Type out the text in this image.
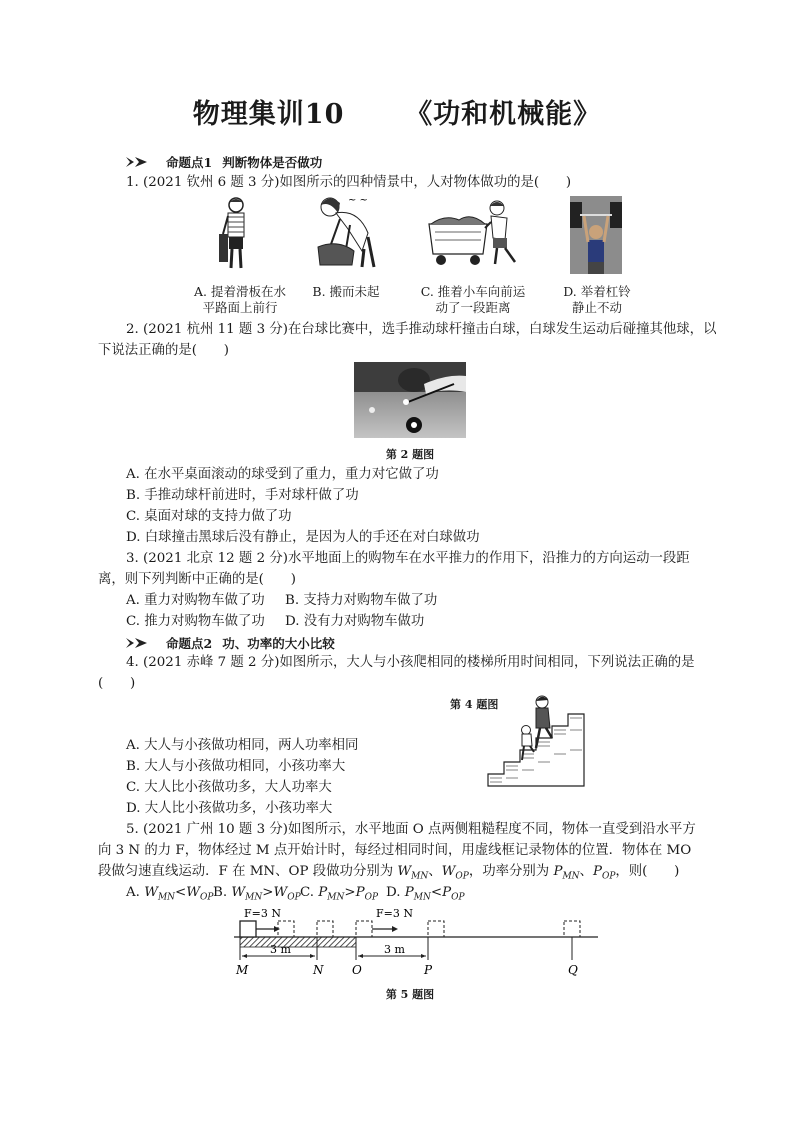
物理集训10 《功和机械能》
命题点1 判断物体是否做功
1. (2021 钦州 6 题 3 分)如图所示的四种情景中，人对物体做功的是(　　)
~ ~
A. 提着滑板在水
平路面上前行
B. 搬而未起	C. 推着小车向前运
动了一段距离
D. 举着杠铃
静止不动
2. (2021 杭州 11 题 3 分)在台球比赛中，选手推动球杆撞击白球，白球发生运动后碰撞其他球，以
下说法正确的是(　　)
第 2 题图
A. 在水平桌面滚动的球受到了重力，重力对它做了功
B. 手推动球杆前进时，手对球杆做了功
C. 桌面对球的支持力做了功
D. 白球撞击黑球后没有静止，是因为人的手还在对白球做功
3. (2021 北京 12 题 2 分)水平地面上的购物车在水平推力的作用下，沿推力的方向运动一段距
离，则下列判断中正确的是(　　)
A. 重力对购物车做了功 B. 支持力对购物车做了功
C. 推力对购物车做了功 D. 没有力对购物车做功
命题点2 功、功率的大小比较
4. (2021 赤峰 7 题 2 分)如图所示，大人与小孩爬相同的楼梯所用时间相同，下列说法正确的是
(　　)
第 4 题图
A. 大人与小孩做功相同，两人功率相同
B. 大人与小孩做功相同，小孩功率大
C. 大人比小孩做功多，大人功率大
D. 大人比小孩做功多，小孩功率大
5. (2021 广州 10 题 3 分)如图所示，水平地面 O 点两侧粗糙程度不同，物体一直受到沿水平方
向 3 N 的力 F，物体经过 M 点开始计时，每经过相同时间，用虚线框记录物体的位置．物体在 MO
段做匀速直线运动．F 在 MN、OP 段做功分别为 $W_{MN}$、$W_{OP}$，功率分别为 $P_{MN}$、$P_{OP}$，则(　　)
A. $W_{MN}<W_{OP}$ B. $W_{MN}>W_{OP}$ C. $P_{MN}>P_{OP}$ D. $P_{MN}<P_{OP}$
F=3 N	F=3 N
3 m	3 m
M	N O	P	Q
第 5 题图
